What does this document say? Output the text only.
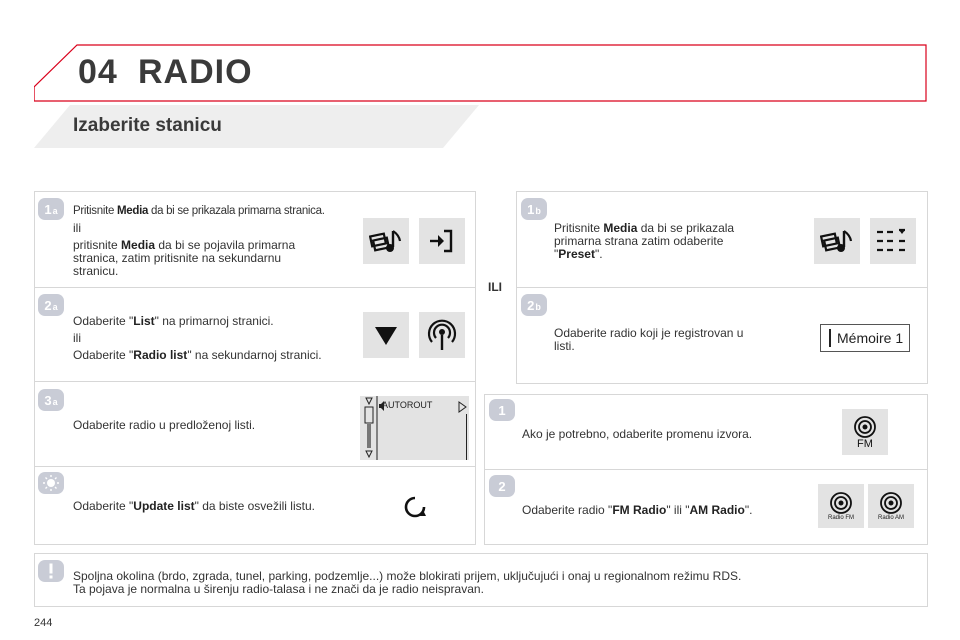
04 RADIO
Izaberite stanicu
1 a Pritisnite Media da bi se prikazala primarna stranica.
ili
pritisnite Media da bi se pojavila primarna
stranica, zatim pritisnite na sekundarnu
stranicu.
2 a
Odaberite "List" na primarnoj stranici.
ili
Odaberite "Radio list" na sekundarnoj stranici.
3 a
Odaberite radio u predloženoj listi.
AUTOROUT
Odaberite "Update list" da biste osvežili listu.
ILI
1 b
Pritisnite Media da bi se prikazala
primarna strana zatim odaberite
"Preset".
2 b
Odaberite radio koji je registrovan u
listi.	Mémoire 1
1
Ako je potrebno, odaberite promenu izvora.
FM
2
Odaberite radio "FM Radio" ili "AM Radio".
Radio FM	Radio AM
Spoljna okolina (brdo, zgrada, tunel, parking, podzemlje...) može blokirati prijem, uključujući i onaj u regionalnom režimu RDS.
Ta pojava je normalna u širenju radio-talasa i ne znači da je radio neispravan.
244
